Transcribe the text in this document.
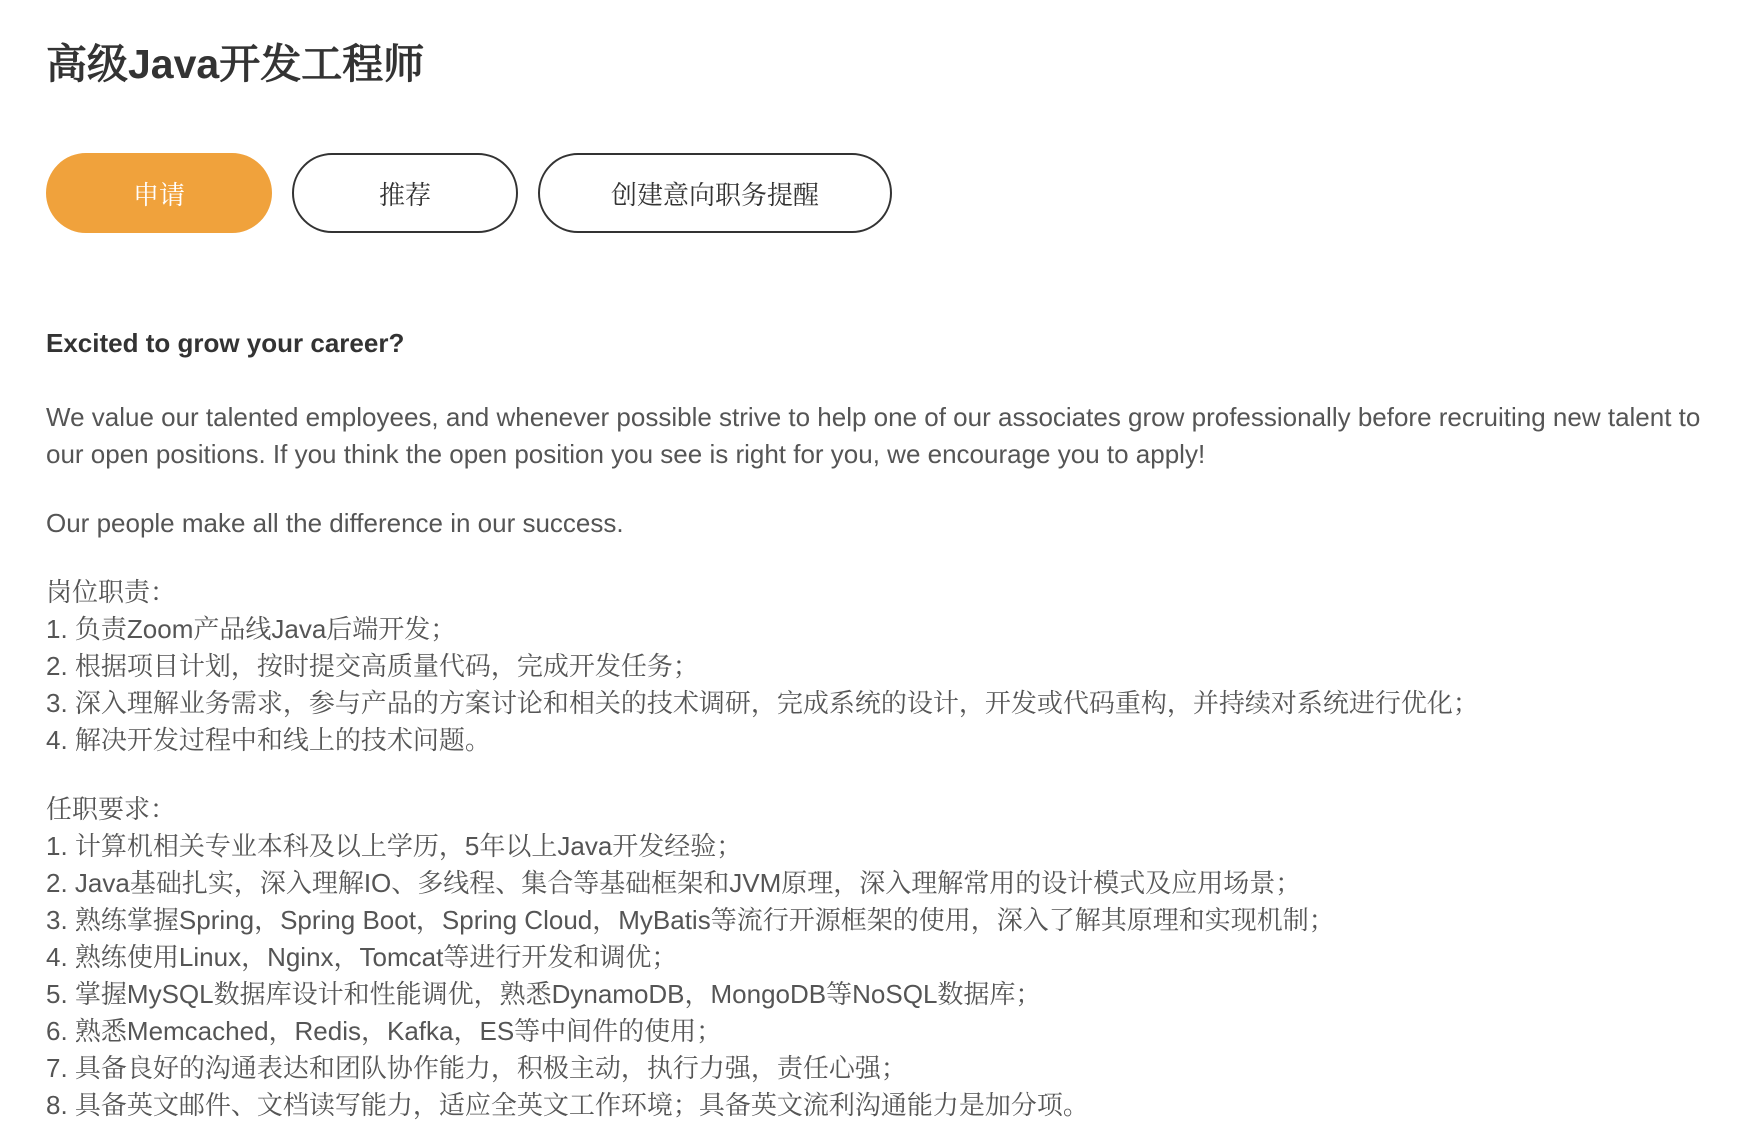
高级Java开发工程师
申请	推荐	创建意向职务提醒

Excited to grow your career?

We value our talented employees, and whenever possible strive to help one of our associates grow professionally before recruiting new talent to our open positions. If you think the open position you see is right for you, we encourage you to apply!

Our people make all the difference in our success.

岗位职责：

1. 负责Zoom产品线Java后端开发；
2. 根据项目计划，按时提交高质量代码，完成开发任务；
3. 深入理解业务需求，参与产品的方案讨论和相关的技术调研，完成系统的设计，开发或代码重构，并持续对系统进行优化；
4. 解决开发过程中和线上的技术问题。

任职要求：

1. 计算机相关专业本科及以上学历，5年以上Java开发经验；
2. Java基础扎实，深入理解IO、多线程、集合等基础框架和JVM原理，深入理解常用的设计模式及应用场景；
3. 熟练掌握Spring，Spring Boot，Spring Cloud，MyBatis等流行开源框架的使用，深入了解其原理和实现机制；
4. 熟练使用Linux，Nginx，Tomcat等进行开发和调优；
5. 掌握MySQL数据库设计和性能调优，熟悉DynamoDB，MongoDB等NoSQL数据库；
6. 熟悉Memcached，Redis，Kafka，ES等中间件的使用；
7. 具备良好的沟通表达和团队协作能力，积极主动，执行力强，责任心强；
8. 具备英文邮件、文档读写能力，适应全英文工作环境；具备英文流利沟通能力是加分项。
